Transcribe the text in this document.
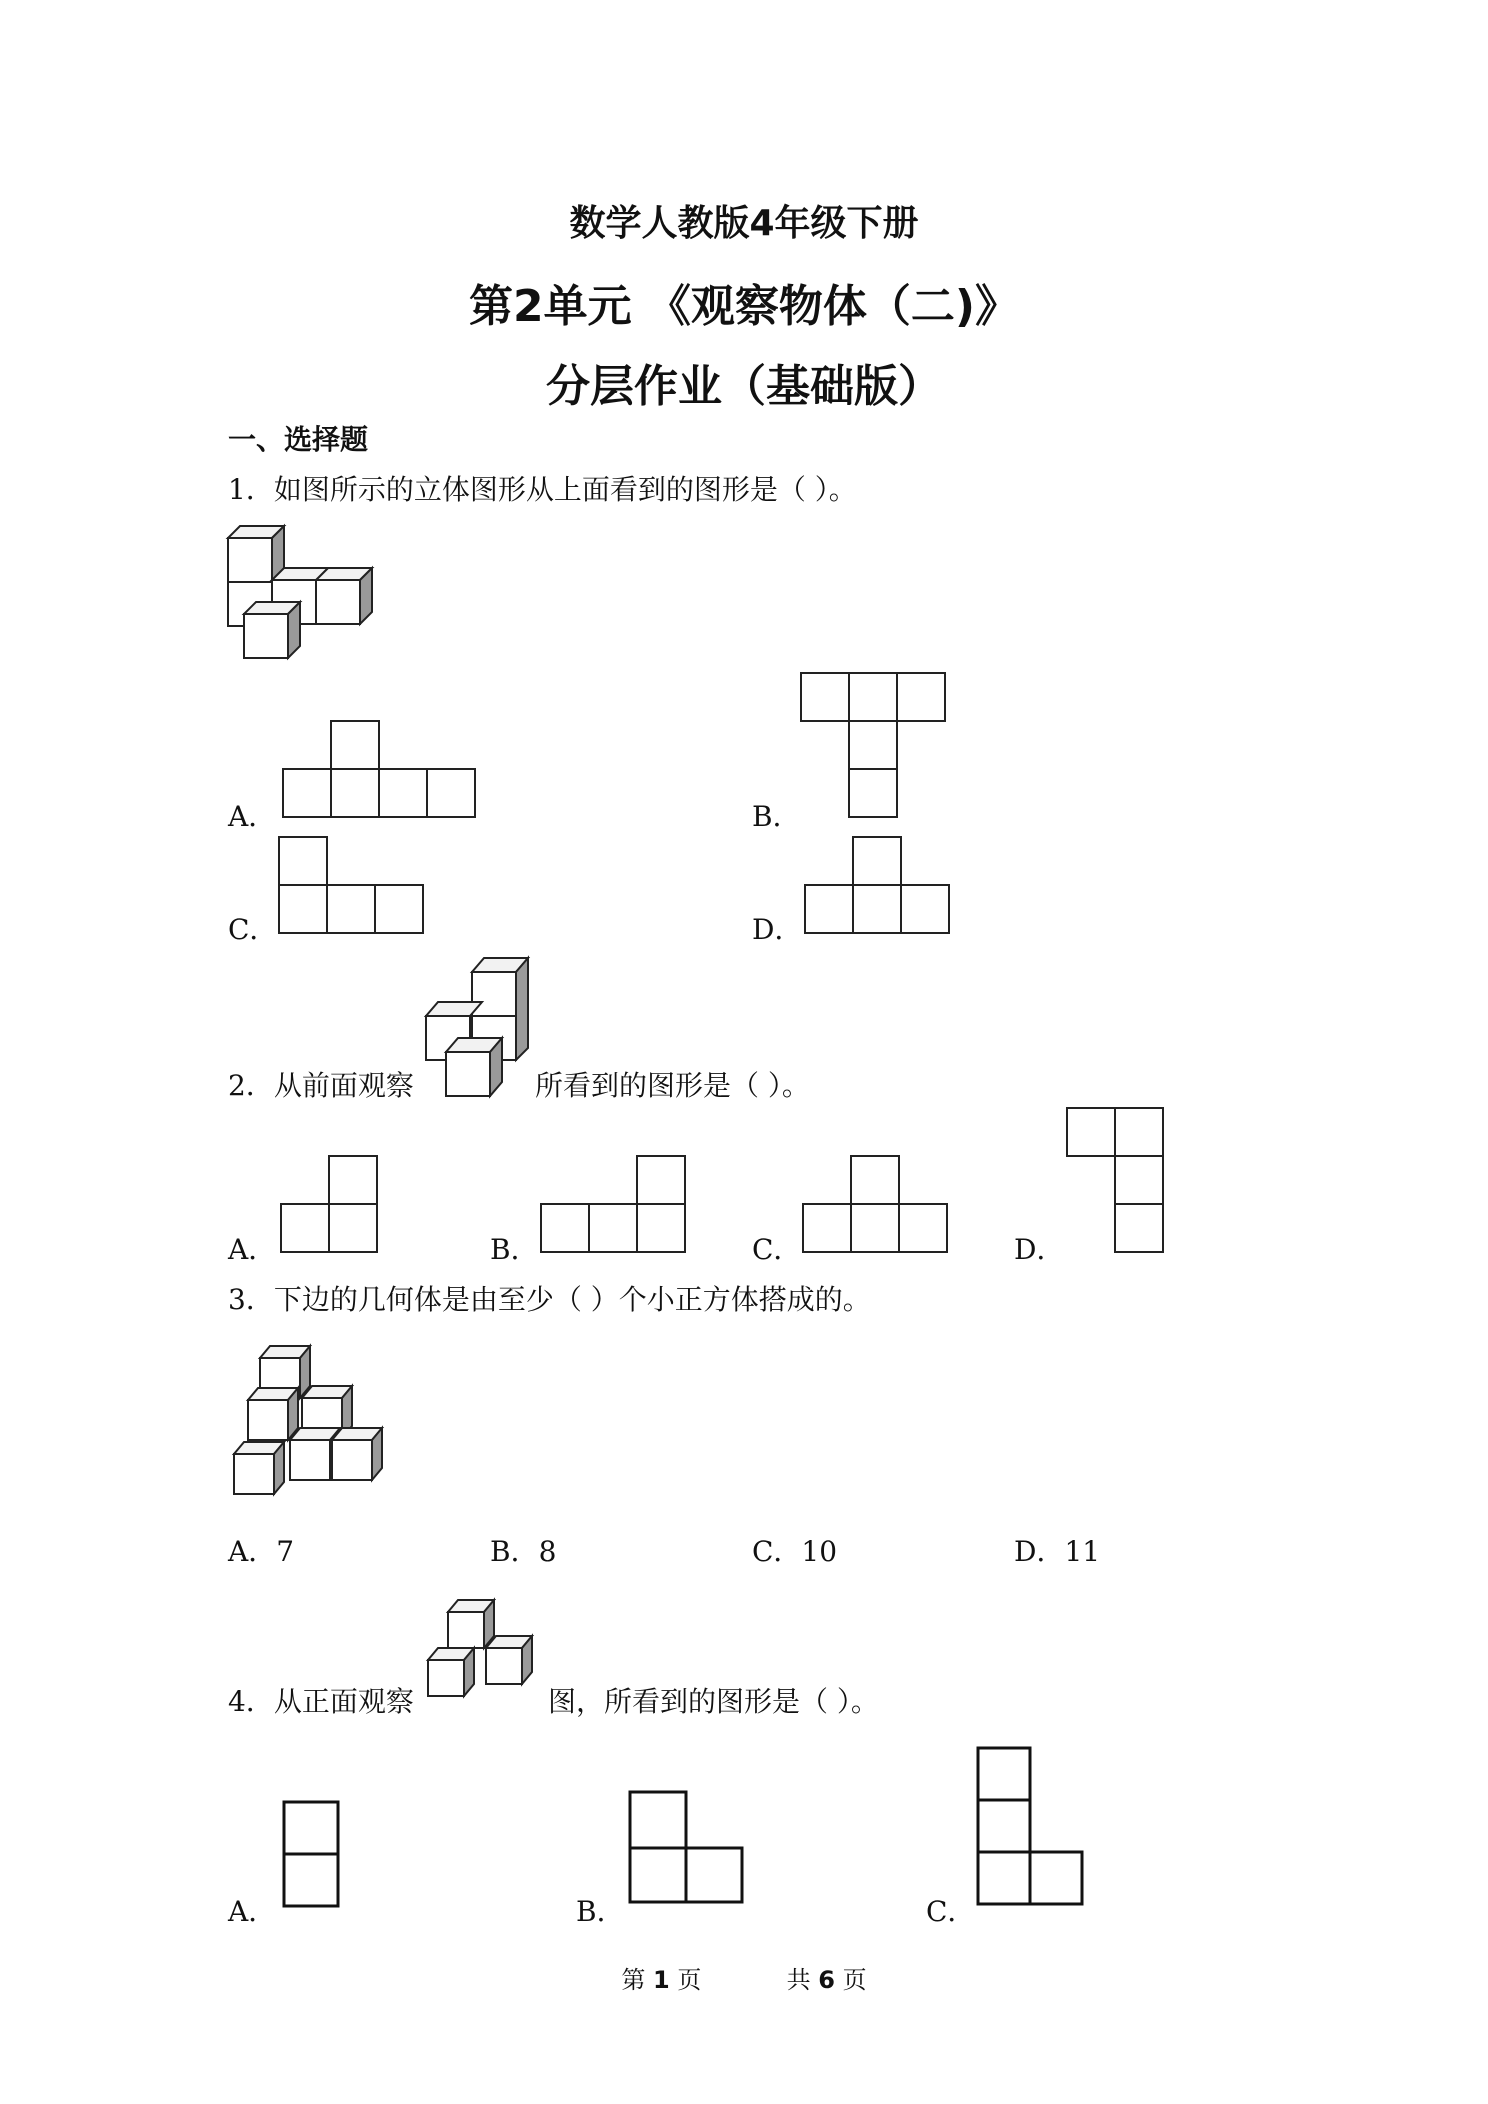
数学人教版4年级下册
第2单元 《观察物体（二)》
分层作业（基础版）
一、选择题
1．如图所示的立体图形从上面看到的图形是（ ）。
A．	B．
C．	D．
2．从前面观察	所看到的图形是（ ）。
A．	B．	C．	D．
3．下边的几何体是由至少（ ）个小正方体搭成的。
A．7	B．8	C．10	D．11
4．从正面观察	图，所看到的图形是（ ）。
A．	B．	C．
第 1 页	共 6 页
